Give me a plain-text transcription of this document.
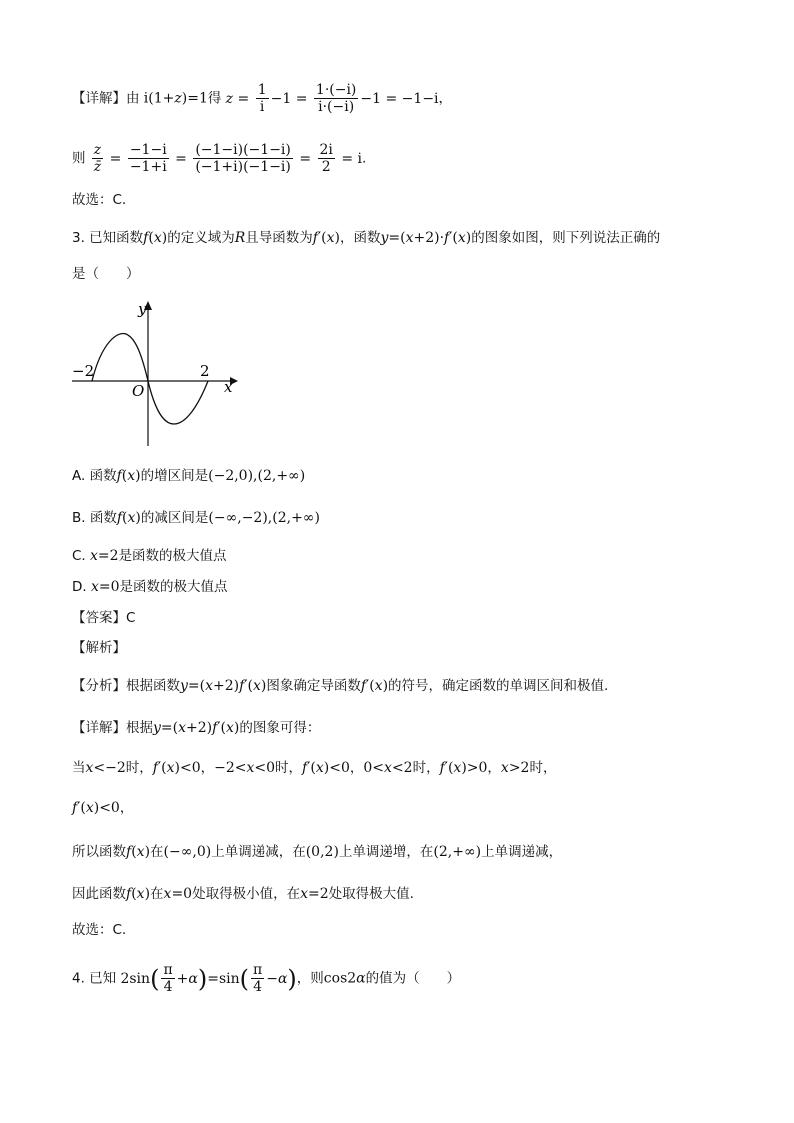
【详解】由 i(1+z)=1得 $z = \frac{1}{i} -1 = \frac{1\cdot(-i)}{i\cdot(-i)} -1 = -1-i$，
则 $\frac{z}{z̄} = \frac{-1-i}{-1+i} = \frac{(-1-i)(-1-i)}{(-1+i)(-1-i)} = \frac{2i}{2} = i$.
故选：C.
3. 已知函数f(x)的定义域为R且导函数为f′(x)，函数y=(x+2)·f′(x)的图象如图，则下列说法正确的
是（　　）
y
x
O
−2	2
A. 函数f(x)的增区间是(−2,0),(2,+∞)
B. 函数f(x)的减区间是(−∞,−2),(2,+∞)
C. x=2是函数的极大值点
D. x=0是函数的极大值点
【答案】C
【解析】
【分析】根据函数y=(x+2)f′(x)图象确定导函数f′(x)的符号，确定函数的单调区间和极值.
【详解】根据y=(x+2)f′(x)的图象可得：
当x<−2时，f′(x)<0，−2<x<0时，f′(x)<0，0<x<2时，f′(x)>0，x>2时，
f′(x)<0，
所以函数f(x)在(−∞,0)上单调递减，在(0,2)上单调递增，在(2,+∞)上单调递减，
因此函数f(x)在x=0处取得极小值，在x=2处取得极大值.
故选：C.
4. 已知 $2\sin( \frac{\pi}{4} +\alpha)=\sin( \frac{\pi}{4} -\alpha)$，则cos2α的值为（　　）
